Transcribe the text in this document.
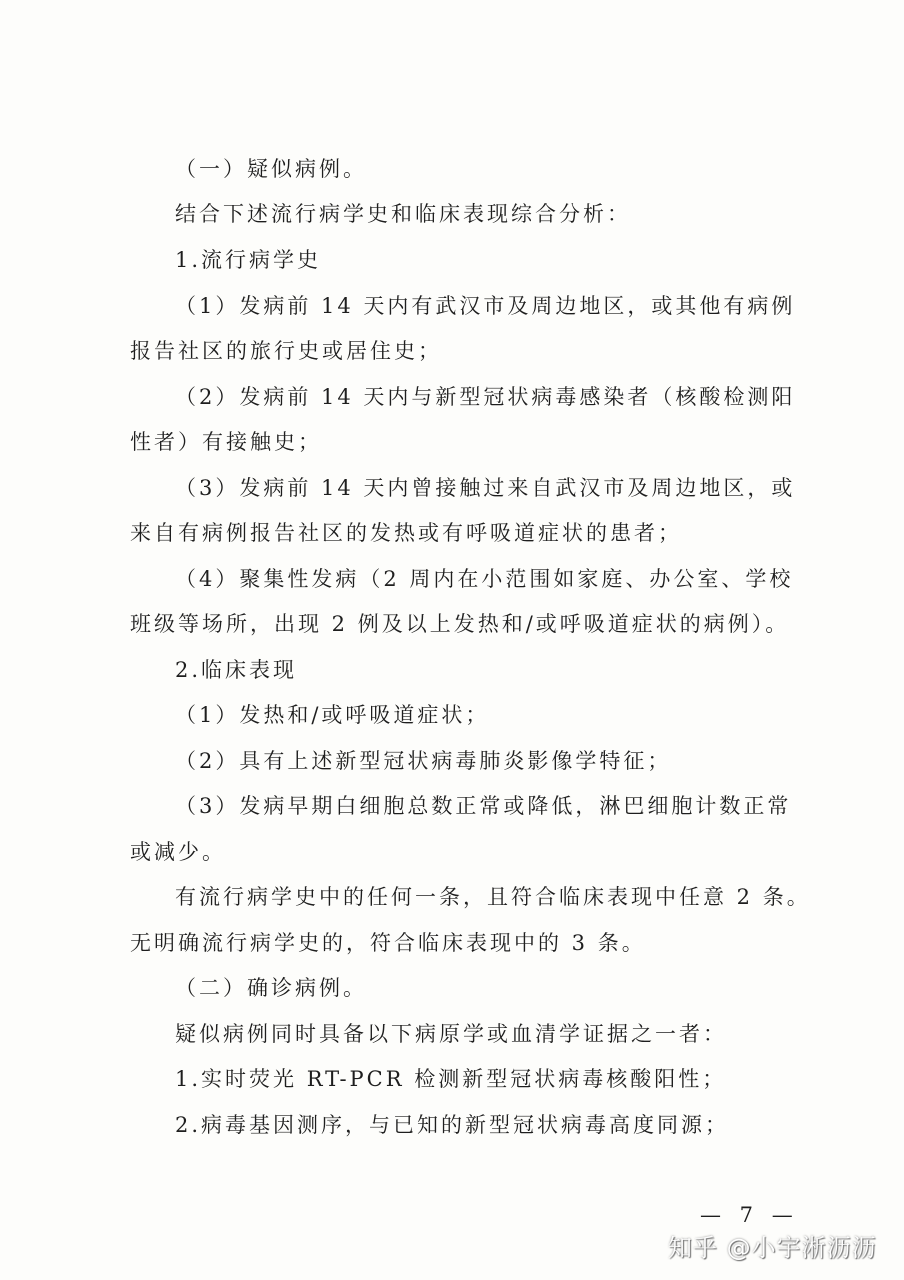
（一）疑似病例。
结合下述流行病学史和临床表现综合分析：
1.流行病学史
（1）发病前 14 天内有武汉市及周边地区，或其他有病例
报告社区的旅行史或居住史；
（2）发病前 14 天内与新型冠状病毒感染者（核酸检测阳
性者）有接触史；
（3）发病前 14 天内曾接触过来自武汉市及周边地区，或
来自有病例报告社区的发热或有呼吸道症状的患者；
（4）聚集性发病（2 周内在小范围如家庭、办公室、学校
班级等场所，出现 2 例及以上发热和/或呼吸道症状的病例）。
2.临床表现
（1）发热和/或呼吸道症状；
（2）具有上述新型冠状病毒肺炎影像学特征；
（3）发病早期白细胞总数正常或降低，淋巴细胞计数正常
或减少。
有流行病学史中的任何一条，且符合临床表现中任意 2 条。
无明确流行病学史的，符合临床表现中的 3 条。
（二）确诊病例。
疑似病例同时具备以下病原学或血清学证据之一者：
1.实时荧光 RT-PCR 检测新型冠状病毒核酸阳性；
2.病毒基因测序，与已知的新型冠状病毒高度同源；
— 7 —
知乎 @小宇淅沥沥
